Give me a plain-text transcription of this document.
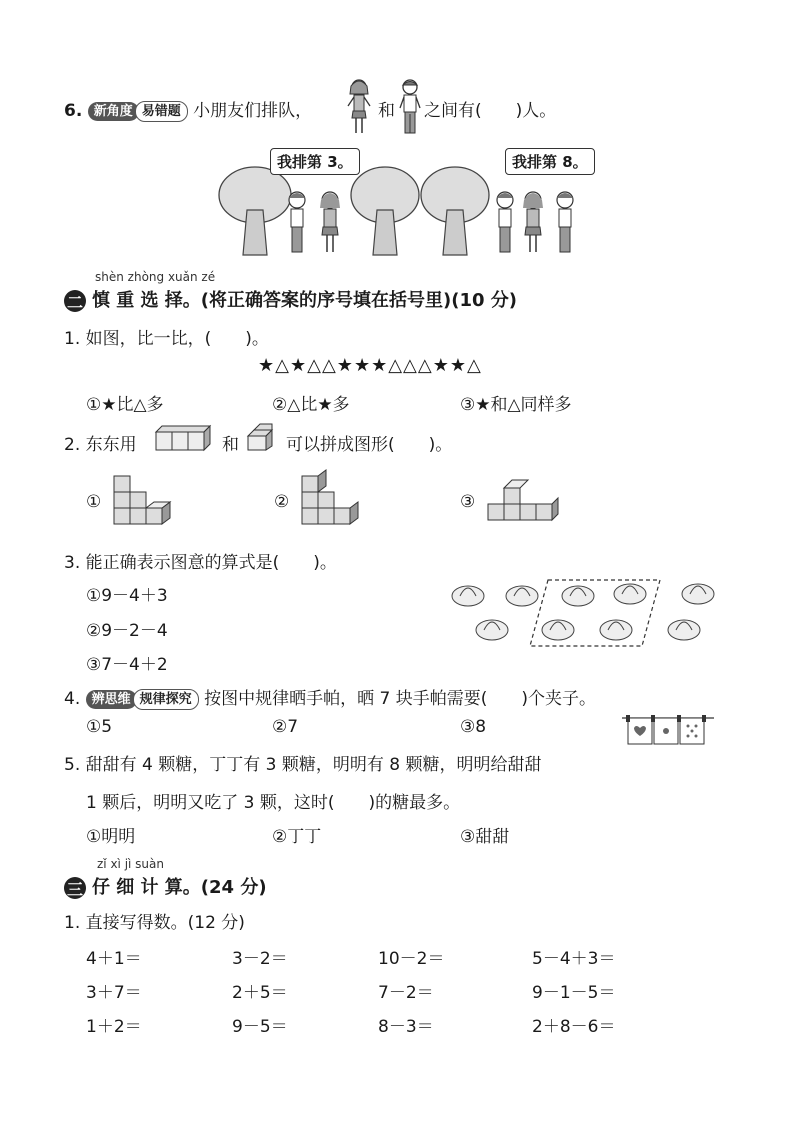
6. 新角度 易错题 小朋友们排队，	和 之间有(　　)人。
我排第 3。	我排第 8。
shèn zhòng xuǎn zé
二 慎 重 选 择。(将正确答案的序号填在括号里)(10 分)
1. 如图，比一比，(　　)。
★△★△△★★★△△△★★△
①★比△多	②△比★多	③★和△同样多
2. 东东用	和	可以拼成图形(　　)。
①	②	③
3. 能正确表示图意的算式是(　　)。
①9－4＋3
②9－2－4
③7－4＋2
4. 辨思维 规律探究 按图中规律晒手帕，晒 7 块手帕需要(　　)个夹子。
①5	②7	③8
5. 甜甜有 4 颗糖，丁丁有 3 颗糖，明明有 8 颗糖，明明给甜甜
1 颗后，明明又吃了 3 颗，这时(　　)的糖最多。
①明明	②丁丁	③甜甜
zǐ xì jì suàn
三 仔 细 计 算。(24 分)
1. 直接写得数。(12 分)
4＋1＝	3－2＝	10－2＝	5－4＋3＝
3＋7＝	2＋5＝	7－2＝	9－1－5＝
1＋2＝	9－5＝	8－3＝	2＋8－6＝
